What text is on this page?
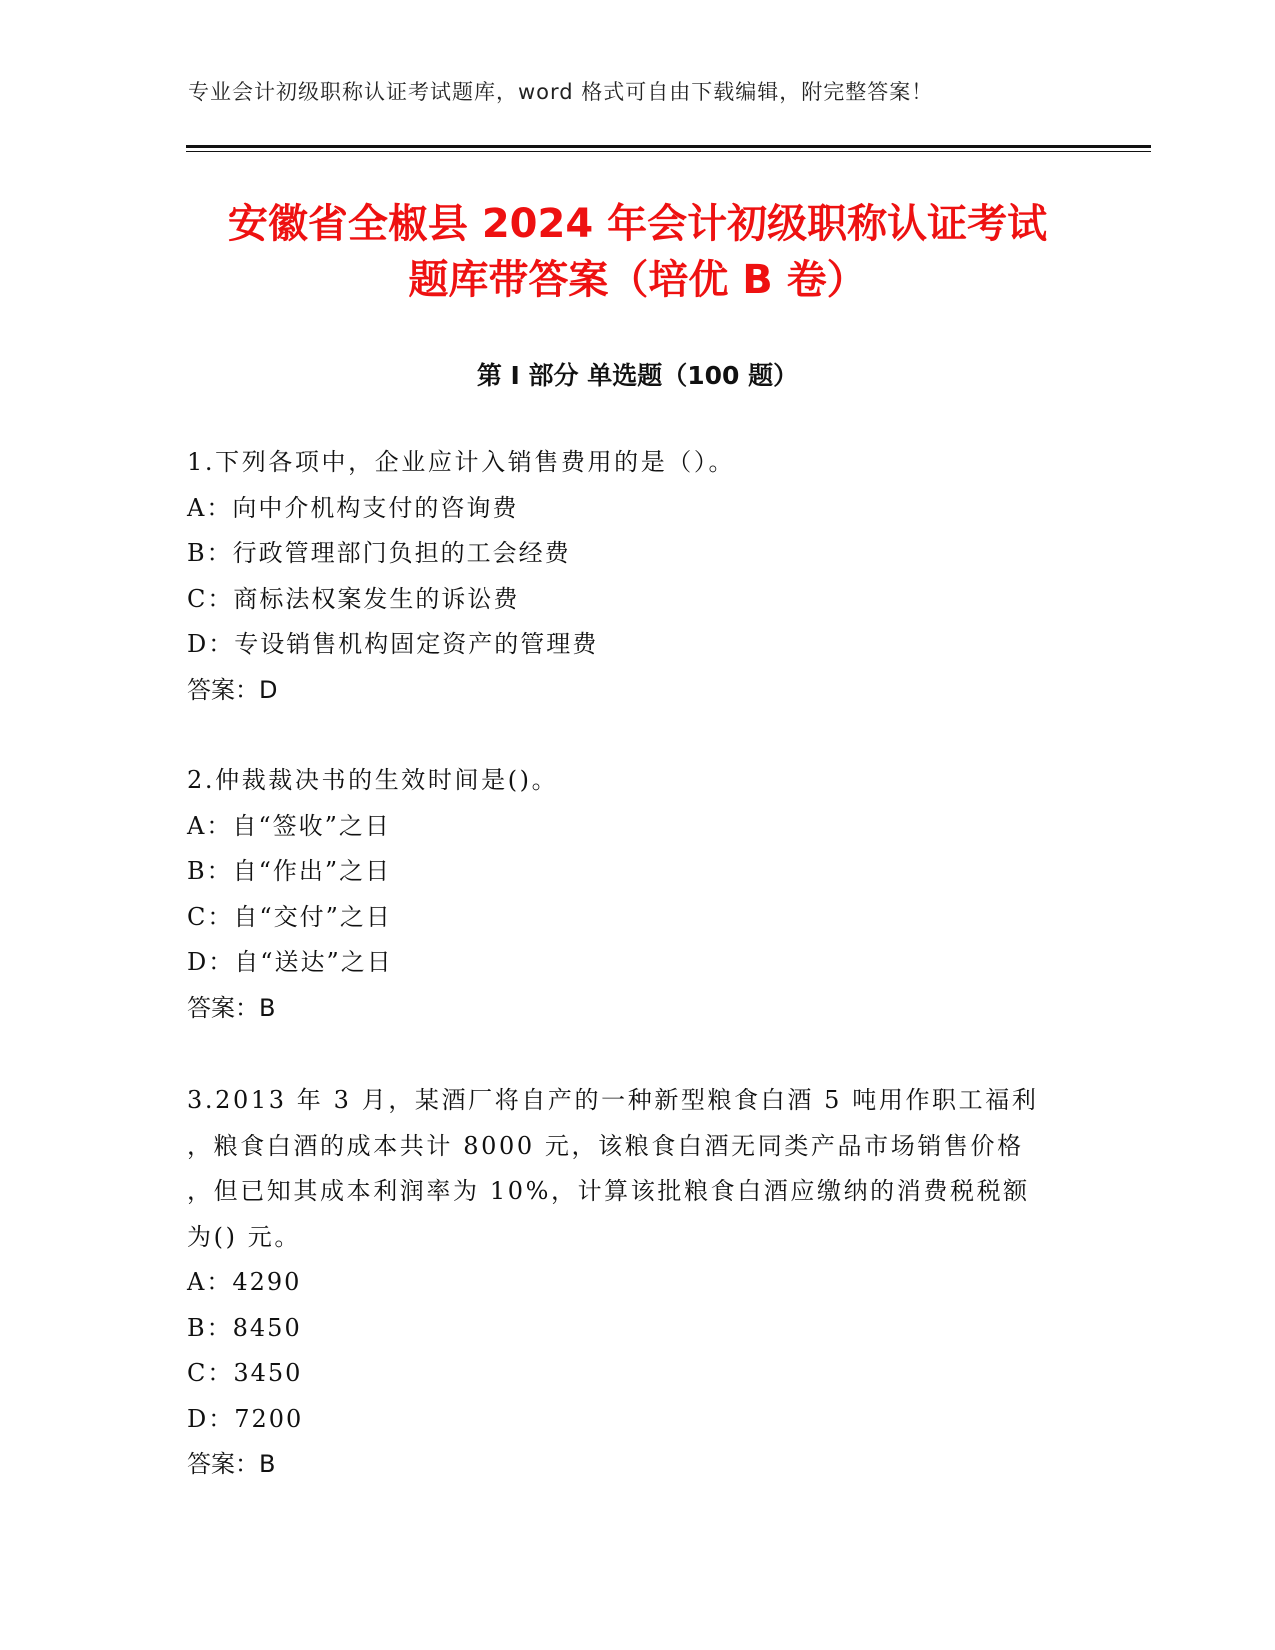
专业会计初级职称认证考试题库，word 格式可自由下载编辑，附完整答案！
安徽省全椒县 2024 年会计初级职称认证考试
题库带答案（培优 B 卷）
第 I 部分 单选题（100 题）
1.下列各项中，企业应计入销售费用的是（）。
A：向中介机构支付的咨询费
B：行政管理部门负担的工会经费
C：商标法权案发生的诉讼费
D：专设销售机构固定资产的管理费
答案：D
2.仲裁裁决书的生效时间是()。
A：自“签收”之日
B：自“作出”之日
C：自“交付”之日
D：自“送达”之日
答案：B
3.2013 年 3 月，某酒厂将自产的一种新型粮食白酒 5 吨用作职工福利
，粮食白酒的成本共计 8000 元，该粮食白酒无同类产品市场销售价格
，但已知其成本利润率为 10%，计算该批粮食白酒应缴纳的消费税税额
为() 元。
A：4290
B：8450
C：3450
D：7200
答案：B
